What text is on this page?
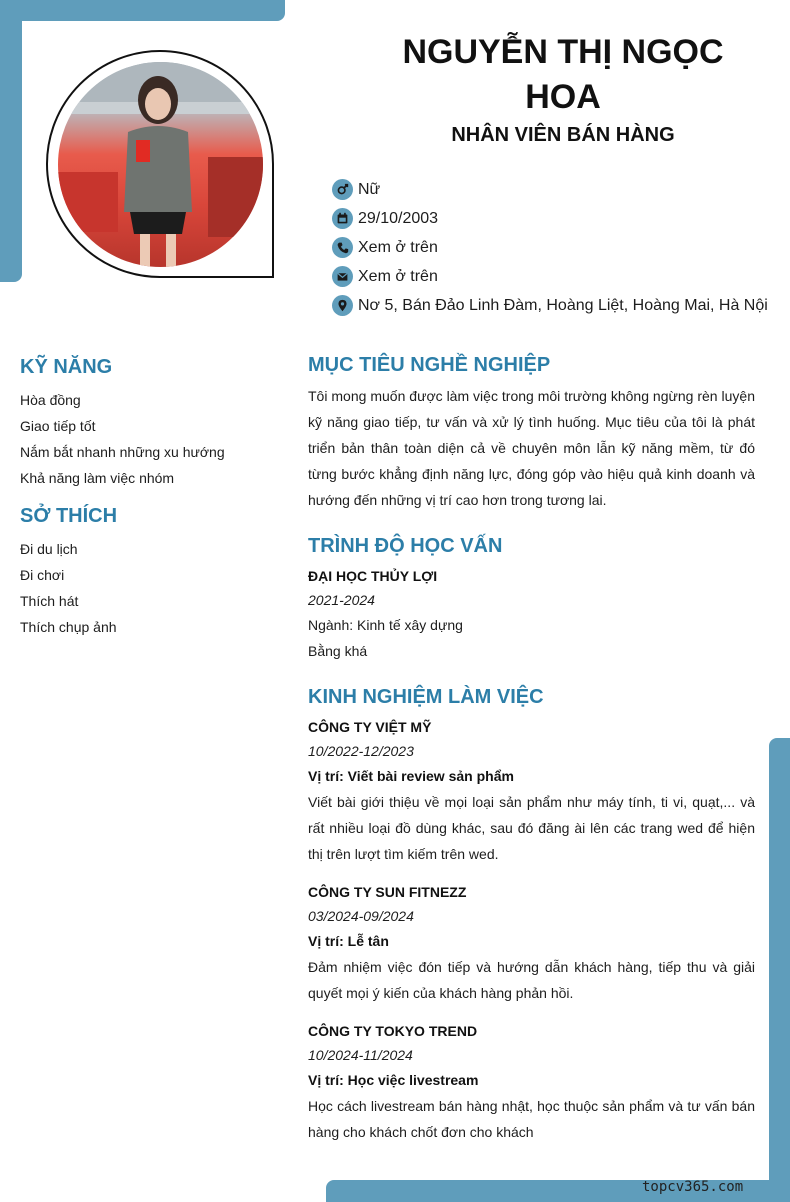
NGUYỄN THỊ NGỌC HOA
NHÂN VIÊN BÁN HÀNG
Nữ
29/10/2003
Xem ở trên
Xem ở trên
Nơ 5, Bán Đảo Linh Đàm, Hoàng Liệt, Hoàng Mai, Hà Nội
KỸ NĂNG
Hòa đồng
Giao tiếp tốt
Nắm bắt nhanh những xu hướng
Khả năng làm việc nhóm
SỞ THÍCH
Đi du lịch
Đi chơi
Thích hát
Thích chụp ảnh
MỤC TIÊU NGHỀ NGHIỆP

Tôi mong muốn được làm việc trong môi trường không ngừng rèn luyện kỹ năng giao tiếp, tư vấn và xử lý tình huống. Mục tiêu của tôi là phát triển bản thân toàn diện cả về chuyên môn lẫn kỹ năng mềm, từ đó từng bước khẳng định năng lực, đóng góp vào hiệu quả kinh doanh và hướng đến những vị trí cao hơn trong tương lai.

TRÌNH ĐỘ HỌC VẤN

ĐẠI HỌC THỦY LỢI

2021-2024

Ngành: Kinh tế xây dựng

Bằng khá

KINH NGHIỆM LÀM VIỆC

CÔNG TY VIỆT MỸ

10/2022-12/2023

Vị trí: Viết bài review sản phẩm

Viết bài giới thiệu về mọi loại sản phẩm như máy tính, ti vi, quạt,... và rất nhiều loại đồ dùng khác, sau đó đăng ài lên các trang wed để hiện thị trên lượt tìm kiếm trên wed.

CÔNG TY SUN FITNEZZ

03/2024-09/2024

Vị trí: Lễ tân

Đảm nhiệm việc đón tiếp và hướng dẫn khách hàng, tiếp thu và giải quyết mọi ý kiến của khách hàng phản hồi.

CÔNG TY TOKYO TREND

10/2024-11/2024

Vị trí: Học việc livestream

Học cách livestream bán hàng nhật, học thuộc sản phẩm và tư vấn bán hàng cho khách chốt đơn cho khách

topcv365.com
